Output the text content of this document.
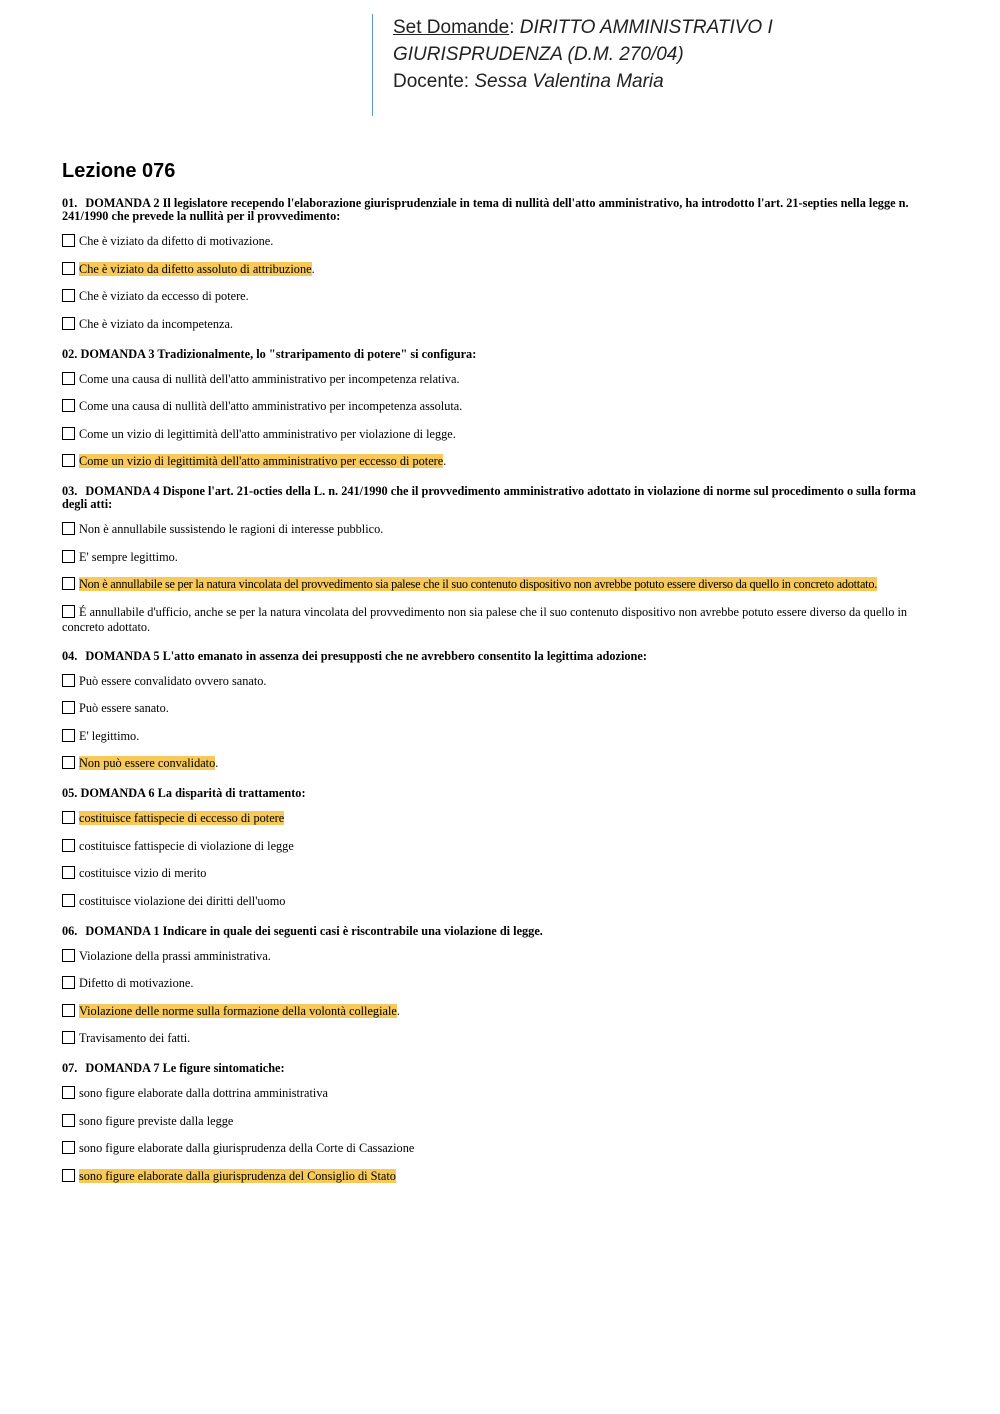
Set Domande: DIRITTO AMMINISTRATIVO I
GIURISPRUDENZA (D.M. 270/04)
Docente: Sessa Valentina Maria
Lezione 076
01. DOMANDA 2 Il legislatore recependo l'elaborazione giurisprudenziale in tema di nullità dell'atto amministrativo, ha introdotto l'art. 21-septies nella legge n. 241/1990 che prevede la nullità per il provvedimento:
Che è viziato da difetto di motivazione.
Che è viziato da difetto assoluto di attribuzione.
Che è viziato da eccesso di potere.
Che è viziato da incompetenza.
02. DOMANDA 3 Tradizionalmente, lo "straripamento di potere" si configura:
Come una causa di nullità dell'atto amministrativo per incompetenza relativa.
Come una causa di nullità dell'atto amministrativo per incompetenza assoluta.
Come un vizio di legittimità dell'atto amministrativo per violazione di legge.
Come un vizio di legittimità dell'atto amministrativo per eccesso di potere.
03. DOMANDA 4 Dispone l'art. 21-octies della L. n. 241/1990 che il provvedimento amministrativo adottato in violazione di norme sul procedimento o sulla forma degli atti:
Non è annullabile sussistendo le ragioni di interesse pubblico.
E' sempre legittimo.
Non è annullabile se per la natura vincolata del provvedimento sia palese che il suo contenuto dispositivo non avrebbe potuto essere diverso da quello in concreto adottato.
É annullabile d'ufficio, anche se per la natura vincolata del provvedimento non sia palese che il suo contenuto dispositivo non avrebbe potuto essere diverso da quello in concreto adottato.
04. DOMANDA 5 L'atto emanato in assenza dei presupposti che ne avrebbero consentito la legittima adozione:
Può essere convalidato ovvero sanato.
Può essere sanato.
E' legittimo.
Non può essere convalidato.
05. DOMANDA 6 La disparità di trattamento:
costituisce fattispecie di eccesso di potere
costituisce fattispecie di violazione di legge
costituisce vizio di merito
costituisce violazione dei diritti dell'uomo
06. DOMANDA 1 Indicare in quale dei seguenti casi è riscontrabile una violazione di legge.
Violazione della prassi amministrativa.
Difetto di motivazione.
Violazione delle norme sulla formazione della volontà collegiale.
Travisamento dei fatti.
07. DOMANDA 7 Le figure sintomatiche:
sono figure elaborate dalla dottrina amministrativa
sono figure previste dalla legge
sono figure elaborate dalla giurisprudenza della Corte di Cassazione
sono figure elaborate dalla giurisprudenza del Consiglio di Stato
